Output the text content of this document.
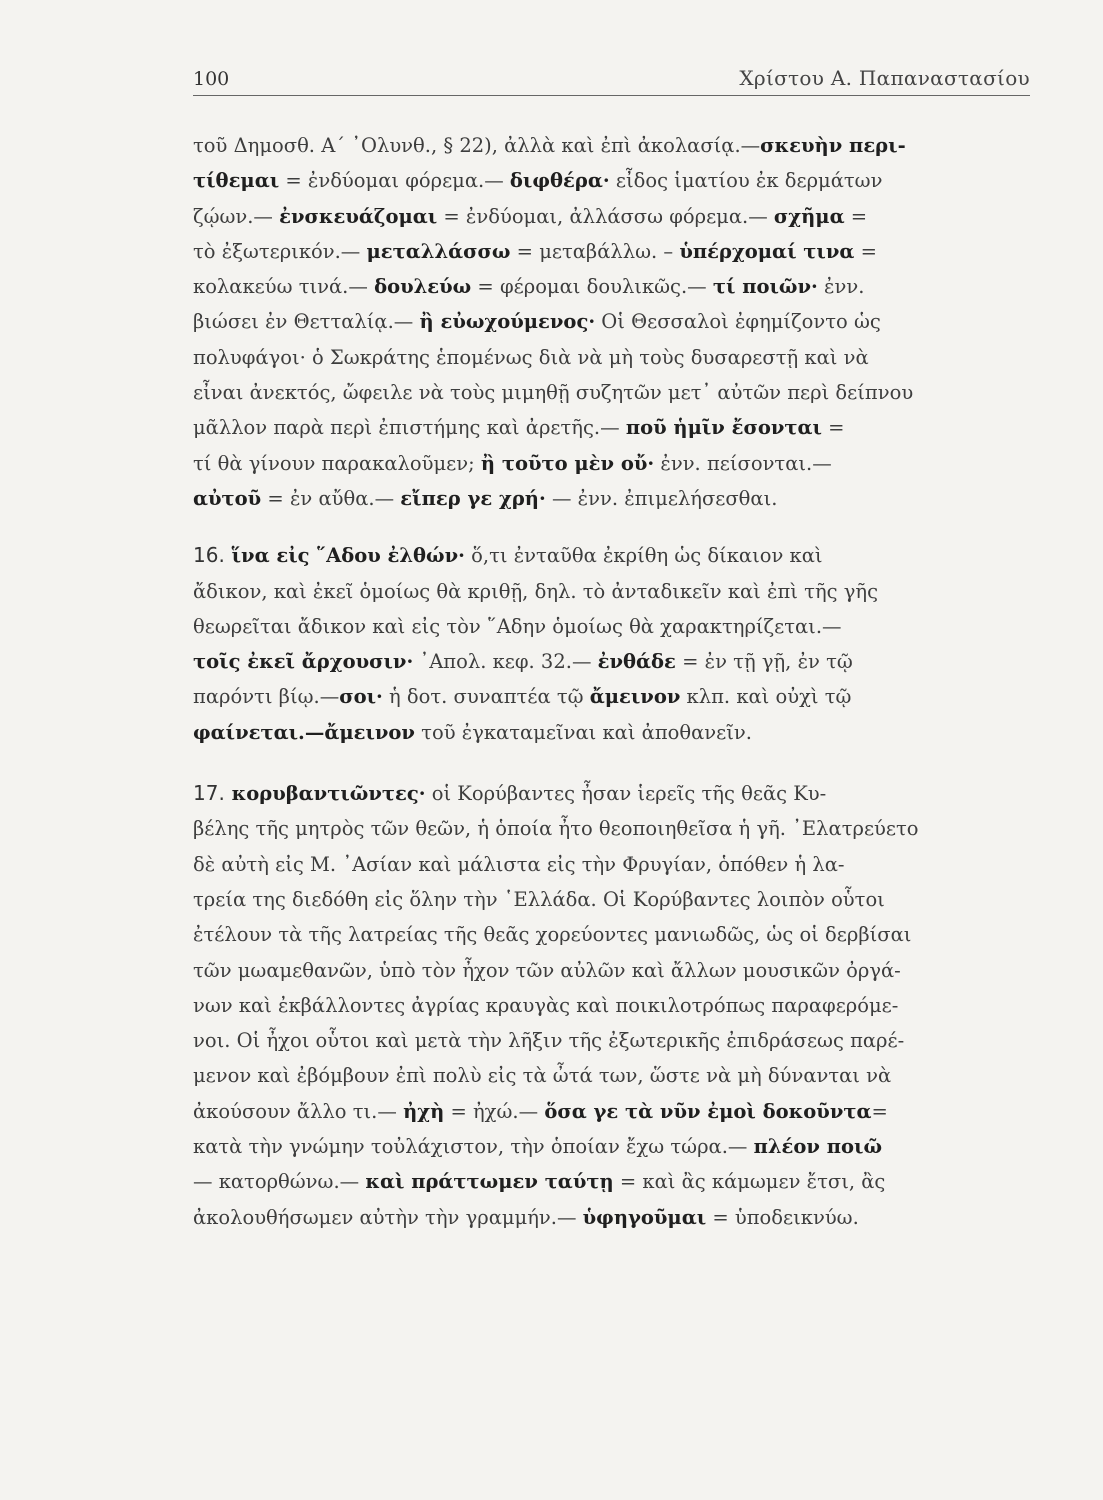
100	Χρίστου Α. Παπαναστασίου
τοῦ Δημοσθ. Α΄ ᾿Ολυνθ., § 22), ἀλλὰ καὶ ἐπὶ ἀκολασίᾳ.—σκευὴν περι-
τίθεμαι = ἐνδύομαι φόρεμα.— διφθέρα· εἶδος ἱματίου ἐκ δερμάτων
ζῴων.— ἐνσκευάζομαι = ἐνδύομαι, ἀλλάσσω φόρεμα.— σχῆμα =
τὸ ἐξωτερικόν.— μεταλλάσσω = μεταβάλλω. – ὑπέρχομαί τινα =
κολακεύω τινά.— δουλεύω = φέρομαι δουλικῶς.— τί ποιῶν· ἐνν.
βιώσει ἐν Θετταλίᾳ.— ἢ εὐωχούμενος· Οἱ Θεσσαλοὶ ἐφημίζοντο ὡς
πολυφάγοι· ὁ Σωκράτης ἑπομένως διὰ νὰ μὴ τοὺς δυσαρεστῇ καὶ νὰ
εἶναι ἀνεκτός, ὤφειλε νὰ τοὺς μιμηθῇ συζητῶν μετ᾿ αὐτῶν περὶ δείπνου
μᾶλλον παρὰ περὶ ἐπιστήμης καὶ ἀρετῆς.— ποῦ ἡμῖν ἔσονται =
τί θὰ γίνουν παρακαλοῦμεν; ἢ τοῦτο μὲν οὔ· ἐνν. πείσονται.—
αὐτοῦ = ἐν αὔθα.— εἴπερ γε χρή· — ἐνν. ἐπιμελήσεσθαι.
16. ἵνα εἰς ῞Αδου ἐλθών· ὅ,τι ἐνταῦθα ἐκρίθη ὡς δίκαιον καὶ
ἄδικον, καὶ ἐκεῖ ὁμοίως θὰ κριθῇ, δηλ. τὸ ἀνταδικεῖν καὶ ἐπὶ τῆς γῆς
θεωρεῖται ἄδικον καὶ εἰς τὸν ῞Αδην ὁμοίως θὰ χαρακτηρίζεται.—
τοῖς ἐκεῖ ἄρχουσιν· ᾿Απολ. κεφ. 32.— ἐνθάδε = ἐν τῇ γῇ, ἐν τῷ
παρόντι βίῳ.—σοι· ἡ δοτ. συναπτέα τῷ ἄμεινον κλπ. καὶ οὐχὶ τῷ
φαίνεται.—ἄμεινον τοῦ ἐγκαταμεῖναι καὶ ἀποθανεῖν.
17. κορυβαντιῶντες· οἱ Κορύβαντες ἦσαν ἱερεῖς τῆς θεᾶς Κυ-
βέλης τῆς μητρὸς τῶν θεῶν, ἡ ὁποία ἦτο θεοποιηθεῖσα ἡ γῆ. ᾿Ελατρεύετο
δὲ αὐτὴ εἰς Μ. ᾿Ασίαν καὶ μάλιστα εἰς τὴν Φρυγίαν, ὁπόθεν ἡ λα-
τρεία της διεδόθη εἰς ὅλην τὴν ῾Ελλάδα. Οἱ Κορύβαντες λοιπὸν οὗτοι
ἐτέλουν τὰ τῆς λατρείας τῆς θεᾶς χορεύοντες μανιωδῶς, ὡς οἱ δερβίσαι
τῶν μωαμεθανῶν, ὑπὸ τὸν ἦχον τῶν αὐλῶν καὶ ἄλλων μουσικῶν ὀργά-
νων καὶ ἐκβάλλοντες ἀγρίας κραυγὰς καὶ ποικιλοτρόπως παραφερόμε-
νοι. Οἱ ἦχοι οὗτοι καὶ μετὰ τὴν λῆξιν τῆς ἐξωτερικῆς ἐπιδράσεως παρέ-
μενον καὶ ἐβόμβουν ἐπὶ πολὺ εἰς τὰ ὦτά των, ὥστε νὰ μὴ δύνανται νὰ
ἀκούσουν ἄλλο τι.— ἠχὴ = ἠχώ.— ὅσα γε τὰ νῦν ἐμοὶ δοκοῦντα=
κατὰ τὴν γνώμην τοὐλάχιστον, τὴν ὁποίαν ἔχω τώρα.— πλέον ποιῶ
— κατορθώνω.— καὶ πράττωμεν ταύτῃ = καὶ ἂς κάμωμεν ἔτσι, ἂς
ἀκολουθήσωμεν αὐτὴν τὴν γραμμήν.— ὑφηγοῦμαι = ὑποδεικνύω.
